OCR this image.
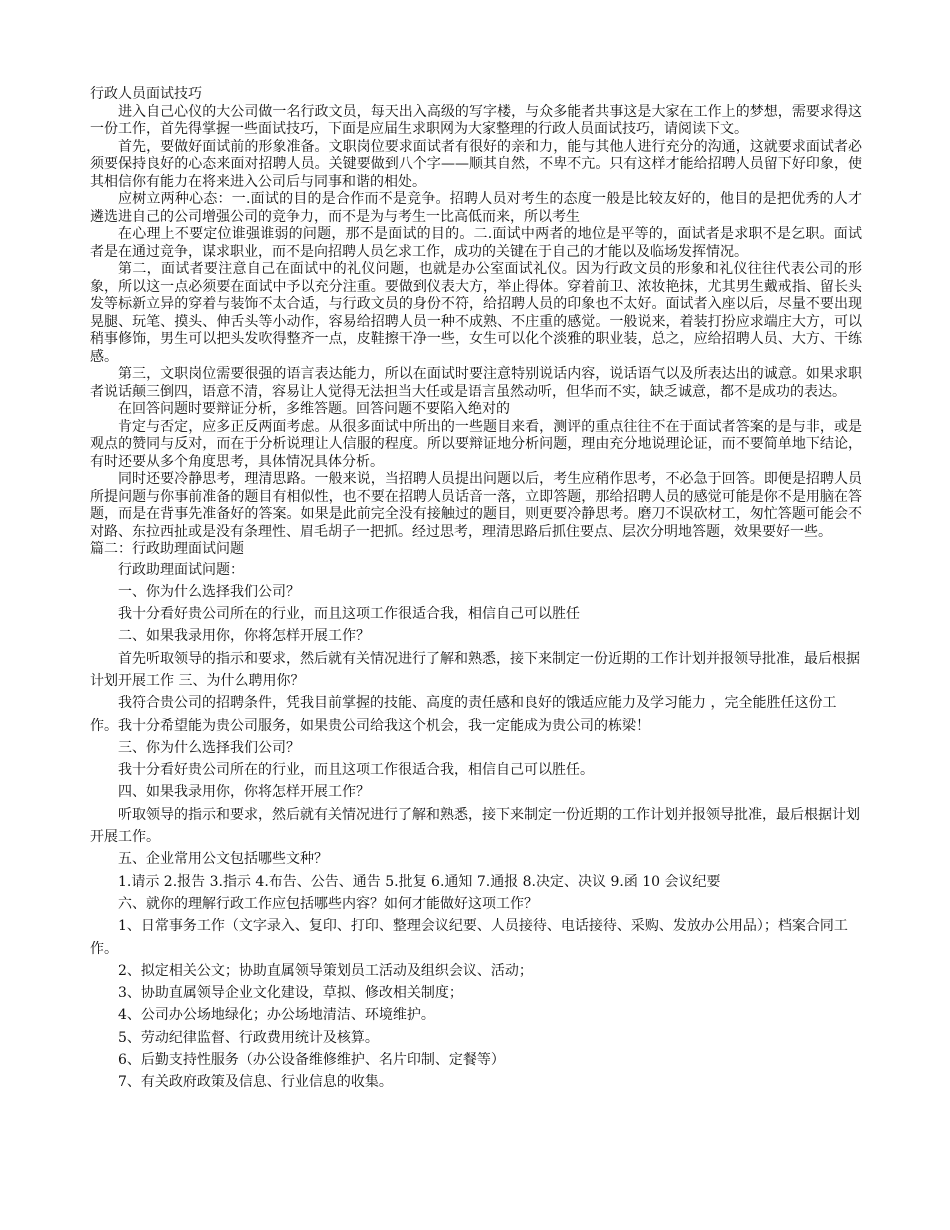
行政人员面试技巧

进入自己心仪的大公司做一名行政文员，每天出入高级的写字楼，与众多能者共事这是大家在工作上的梦想，需要求得这一份工作，首先得掌握一些面试技巧，下面是应届生求职网为大家整理的行政人员面试技巧，请阅读下文。

首先，要做好面试前的形象准备。文职岗位要求面试者有很好的亲和力，能与其他人进行充分的沟通，这就要求面试者必须要保持良好的心态来面对招聘人员。关键要做到八个字——顺其自然，不卑不亢。只有这样才能给招聘人员留下好印象，使其相信你有能力在将来进入公司后与同事和谐的相处。

应树立两种心态：一.面试的目的是合作而不是竞争。招聘人员对考生的态度一般是比较友好的，他目的是把优秀的人才遴选进自己的公司增强公司的竞争力，而不是为与考生一比高低而来，所以考生

在心理上不要定位谁强谁弱的问题，那不是面试的目的。二.面试中两者的地位是平等的，面试者是求职不是乞职。面试者是在通过竞争，谋求职业，而不是向招聘人员乞求工作，成功的关键在于自己的才能以及临场发挥情况。

第二，面试者要注意自己在面试中的礼仪问题，也就是办公室面试礼仪。因为行政文员的形象和礼仪往往代表公司的形象，所以这一点必须要在面试中予以充分注重。要做到仪表大方，举止得体。穿着前卫、浓妆艳抹，尤其男生戴戒指、留长头发等标新立异的穿着与装饰不太合适，与行政文员的身份不符，给招聘人员的印象也不太好。面试者入座以后，尽量不要出现晃腿、玩笔、摸头、伸舌头等小动作，容易给招聘人员一种不成熟、不庄重的感觉。一般说来，着装打扮应求端庄大方，可以稍事修饰，男生可以把头发吹得整齐一点，皮鞋擦干净一些，女生可以化个淡雅的职业装，总之，应给招聘人员、大方、干练感。

第三，文职岗位需要很强的语言表达能力，所以在面试时要注意特别说话内容，说话语气以及所表达出的诚意。如果求职者说话颠三倒四，语意不清，容易让人觉得无法担当大任或是语言虽然动听，但华而不实，缺乏诚意，都不是成功的表达。

在回答问题时要辩证分析，多维答题。回答问题不要陷入绝对的

肯定与否定，应多正反两面考虑。从很多面试中所出的一些题目来看，测评的重点往往不在于面试者答案的是与非，或是观点的赞同与反对，而在于分析说理让人信服的程度。所以要辩证地分析问题，理由充分地说理论证，而不要简单地下结论，有时还要从多个角度思考，具体情况具体分析。

同时还要冷静思考，理清思路。一般来说，当招聘人员提出问题以后，考生应稍作思考，不必急于回答。即便是招聘人员所提问题与你事前准备的题目有相似性，也不要在招聘人员话音一落，立即答题，那给招聘人员的感觉可能是你不是用脑在答题，而是在背事先准备好的答案。如果是此前完全没有接触过的题目，则更要冷静思考。磨刀不误砍材工，匆忙答题可能会不对路、东拉西扯或是没有条理性、眉毛胡子一把抓。经过思考，理清思路后抓住要点、层次分明地答题，效果要好一些。

篇二：行政助理面试问题

行政助理面试问题：

一、你为什么选择我们公司？

我十分看好贵公司所在的行业，而且这项工作很适合我，相信自己可以胜任

二、如果我录用你，你将怎样开展工作？

首先听取领导的指示和要求，然后就有关情况进行了解和熟悉，接下来制定一份近期的工作计划并报领导批准，最后根据计划开展工作 三、为什么聘用你？

我符合贵公司的招聘条件，凭我目前掌握的技能、高度的责任感和良好的饿适应能力及学习能力 ，完全能胜任这份工作。我十分希望能为贵公司服务，如果贵公司给我这个机会，我一定能成为贵公司的栋梁！

三、你为什么选择我们公司？

我十分看好贵公司所在的行业，而且这项工作很适合我，相信自己可以胜任。

四、如果我录用你，你将怎样开展工作？

听取领导的指示和要求，然后就有关情况进行了解和熟悉，接下来制定一份近期的工作计划并报领导批准，最后根据计划开展工作。

五、企业常用公文包括哪些文种？

1.请示 2.报告 3.指示 4.布告、公告、通告 5.批复 6.通知 7.通报 8.决定、决议 9.函 10 会议纪要

六、就你的理解行政工作应包括哪些内容？如何才能做好这项工作？

1、日常事务工作（文字录入、复印、打印、整理会议纪要、人员接待、电话接待、采购、发放办公用品）；档案合同工作。

2、拟定相关公文；协助直属领导策划员工活动及组织会议、活动；

3、协助直属领导企业文化建设，草拟、修改相关制度；

4、公司办公场地绿化；办公场地清洁、环境维护。

5、劳动纪律监督、行政费用统计及核算。

6、后勤支持性服务（办公设备维修维护、名片印制、定餐等）

7、有关政府政策及信息、行业信息的收集。
